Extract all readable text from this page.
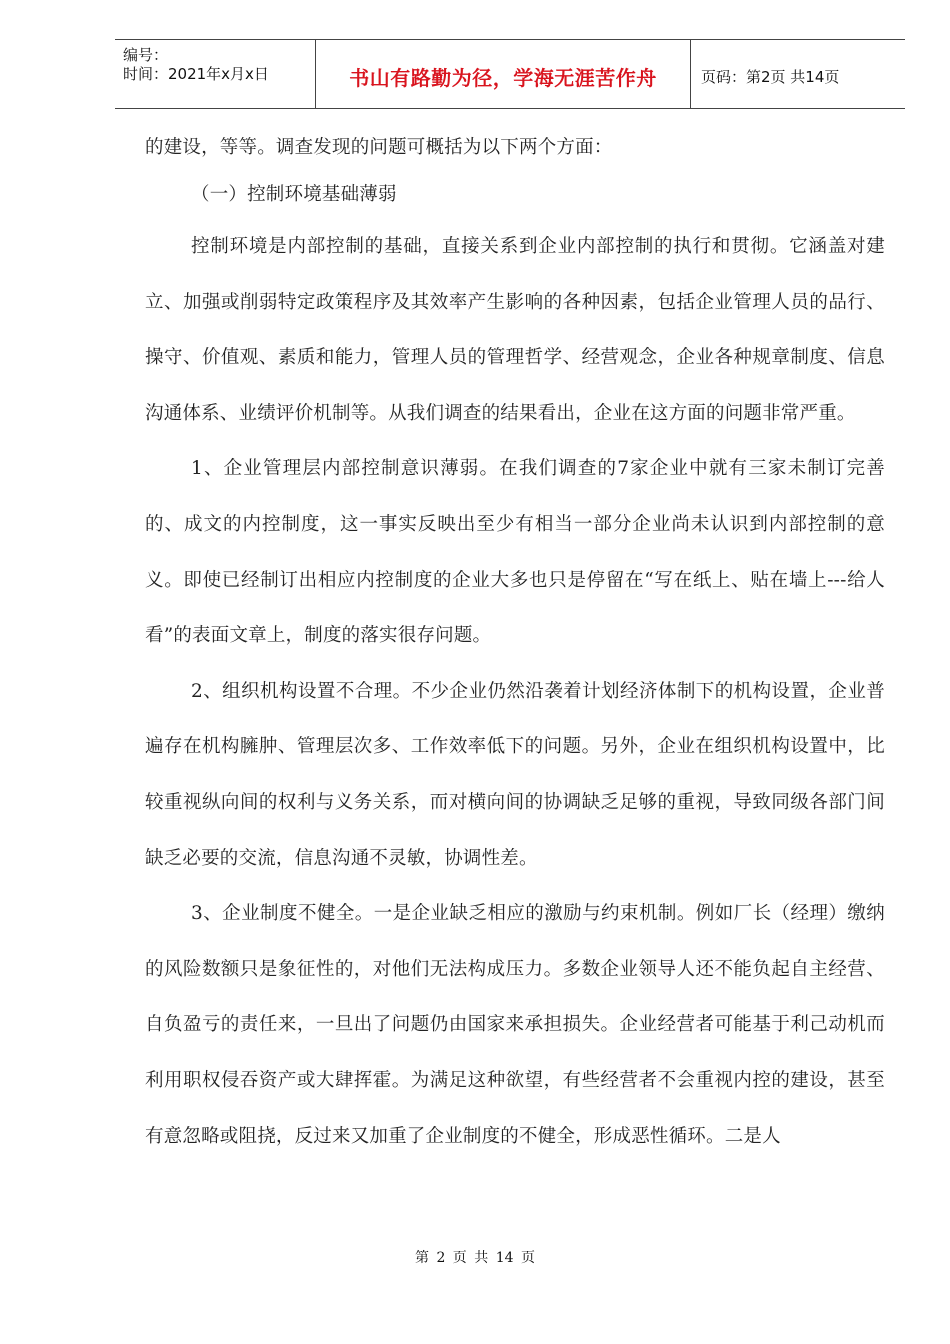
编号：
时间：2021年x月x日	书山有路勤为径，学海无涯苦作舟	页码：第2页 共14页

的建设，等等。调查发现的问题可概括为以下两个方面：

（一）控制环境基础薄弱

控制环境是内部控制的基础，直接关系到企业内部控制的执行和贯彻。它涵盖对建立、加强或削弱特定政策程序及其效率产生影响的各种因素，包括企业管理人员的品行、操守、价值观、素质和能力，管理人员的管理哲学、经营观念，企业各种规章制度、信息沟通体系、业绩评价机制等。从我们调查的结果看出，企业在这方面的问题非常严重。

1、企业管理层内部控制意识薄弱。在我们调查的7家企业中就有三家未制订完善的、成文的内控制度，这一事实反映出至少有相当一部分企业尚未认识到内部控制的意义。即使已经制订出相应内控制度的企业大多也只是停留在“写在纸上、贴在墙上---给人看”的表面文章上，制度的落实很存问题。

2、组织机构设置不合理。不少企业仍然沿袭着计划经济体制下的机构设置，企业普遍存在机构臃肿、管理层次多、工作效率低下的问题。另外，企业在组织机构设置中，比较重视纵向间的权利与义务关系，而对横向间的协调缺乏足够的重视，导致同级各部门间缺乏必要的交流，信息沟通不灵敏，协调性差。

3、企业制度不健全。一是企业缺乏相应的激励与约束机制。例如厂长（经理）缴纳的风险数额只是象征性的，对他们无法构成压力。多数企业领导人还不能负起自主经营、自负盈亏的责任来，一旦出了问题仍由国家来承担损失。企业经营者可能基于利己动机而利用职权侵吞资产或大肆挥霍。为满足这种欲望，有些经营者不会重视内控的建设，甚至有意忽略或阻挠，反过来又加重了企业制度的不健全，形成恶性循环。二是人

第 2 页 共 14 页
